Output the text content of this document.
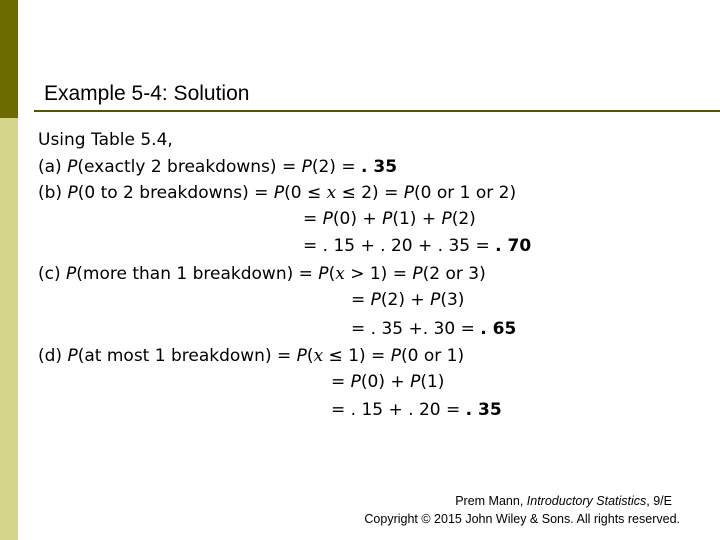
Example 5-4: Solution
Using Table 5.4,
(a) P(exactly 2 breakdowns) = P(2) = . 35
(b) P(0 to 2 breakdowns) = P(0 ≤ x ≤ 2) = P(0 or 1 or 2)
= P(0) + P(1) + P(2)
= . 15 + . 20 + . 35 = . 70
(c) P(more than 1 breakdown) = P(x > 1) = P(2 or 3)
= P(2) + P(3)
= . 35 +. 30 = . 65
(d) P(at most 1 breakdown) = P(x ≤ 1) = P(0 or 1)
= P(0) + P(1)
= . 15 + . 20 = . 35
Prem Mann, Introductory Statistics, 9/E
Copyright © 2015 John Wiley & Sons. All rights reserved.
